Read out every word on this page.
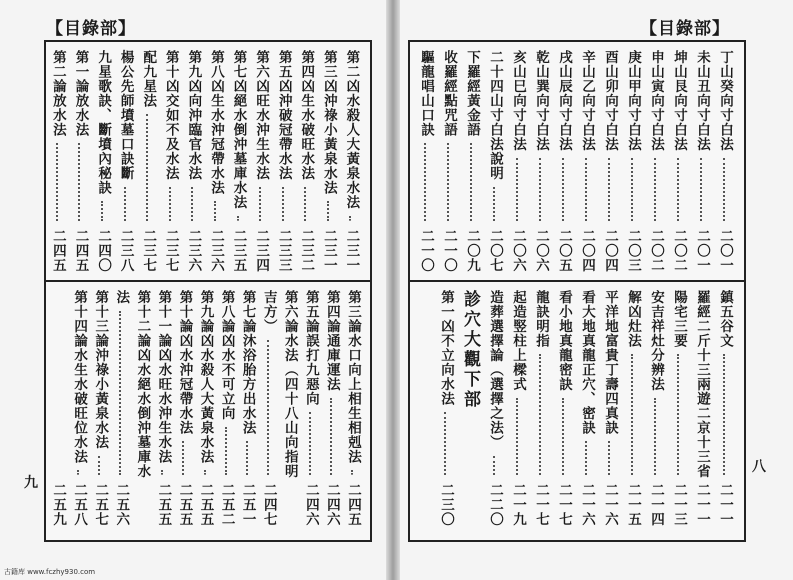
【目錄部】
第二凶水殺人大黃泉水法
二三一
第三凶沖祿小黃泉水法
二三一
第四凶生水破旺水法
二三二
第五凶沖破冠帶水法
二三三
第六凶旺水沖生水法
二三四
第七凶絕水倒沖墓庫水法
二三五
第八凶生水沖冠帶水法
二三六
第九凶向沖臨官水法
二三六
第十凶交如不及水法
二三七
配九星法
二三七
楊公先師墳墓口訣斷
二三八
九星歌訣、斷墳內秘訣
二四〇
第一論放水法
二四五
第二論放水法
二四五
第三論水口向上相生相剋法
二四五
第四論通庫運法
二四六
第五論誤打九惡向
二四六
第六論水法（四十八山向指明
吉方）
二四七
第七論沐浴胎方出水法
二五一
第八論凶水不可立向
二五二
第九論凶水殺人大黃泉水法
二五五
第十論凶水沖冠帶水法
二五五
第十一論凶水旺水沖生水法
二五五
第十二論凶水絕水倒沖墓庫水
法
二五六
第十三論沖祿小黃泉水法
二五七
第十四論水生水破旺位水法
二五八
二五九
九
古籍库 www.fczhy930.com
【目錄部】
丁山癸向寸白法
二〇一
未山丑向寸白法
二〇一
坤山艮向寸白法
二〇二
申山寅向寸白法
二〇二
庚山甲向寸白法
二〇三
酉山卯向寸白法
二〇四
辛山乙向寸白法
二〇四
戌山辰向寸白法
二〇五
乾山巽向寸白法
二〇六
亥山巳向寸白法
二〇六
二十四山寸白法說明
二〇七
下羅經黃金語
二〇九
收羅經點咒語
二一〇
驅龍唱山口訣
二一〇
鎮五谷文
二一一
羅經二斤十三兩遊二京十三省
二一一
陽宅三要
二一三
安吉祥灶分辨法
二一四
解凶灶法
二一五
平洋地富貴丁壽四真訣
二一六
看大地真龍正穴、密訣
二一六
看小地真龍密訣
二一七
龍訣明指
二一七
起造竪柱上樑式
二一九
造葬選擇論（選擇之法）
二二〇
診穴大觀下部
第一凶不立向水法
二三〇
八
